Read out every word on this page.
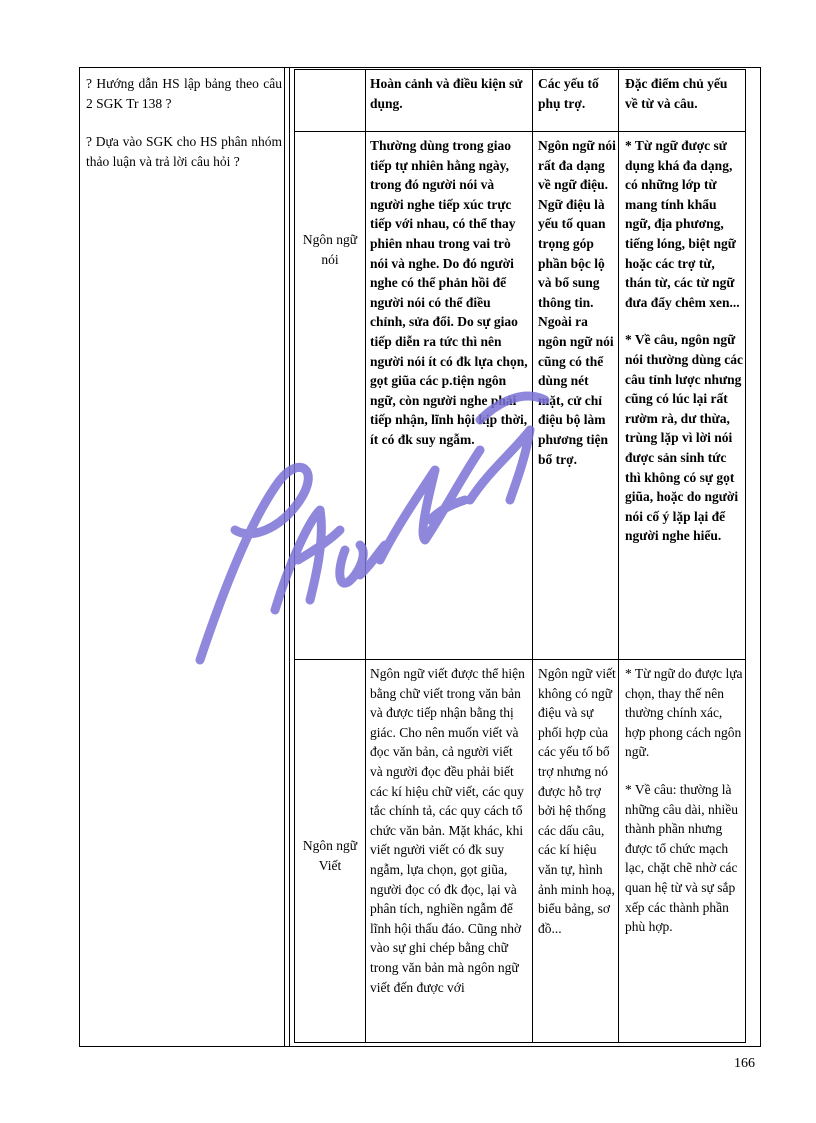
? Hướng dẫn HS lập bảng theo câu 2 SGK Tr 138 ?

? Dựa vào SGK cho HS phân nhóm thảo luận và trả lời câu hỏi ?

Hoàn cảnh và điều kiện sử dụng.
Các yếu tố phụ trợ.
Đặc điểm chủ yếu về từ và câu.
Ngôn ngữ nói
Thường dùng trong giao tiếp tự nhiên hằng ngày, trong đó người nói và người nghe tiếp xúc trực tiếp với nhau, có thể thay phiên nhau trong vai trò nói và nghe. Do đó người nghe có thể phản hồi để người nói có thể điều chỉnh, sửa đổi. Do sự giao tiếp diễn ra tức thì nên người nói ít có đk lựa chọn, gọt giũa các p.tiện ngôn ngữ, còn người nghe phải tiếp nhận, lĩnh hội kịp thời, ít có đk suy ngẫm.
Ngôn ngữ nói rất đa dạng về ngữ điệu. Ngữ điệu là yếu tố quan trọng góp phần bộc lộ và bổ sung thông tin. Ngoài ra ngôn ngữ nói cũng có thể dùng nét mặt, cử chỉ điệu bộ làm phương tiện bổ trợ.
* Từ ngữ được sử dụng khá đa dạng, có những lớp từ mang tính khẩu ngữ, địa phương, tiếng lóng, biệt ngữ hoặc các trợ từ, thán từ, các từ ngữ đưa đẩy chêm xen...
* Về câu, ngôn ngữ nói thường dùng các câu tỉnh lược nhưng cũng có lúc lại rất rườm rà, dư thừa, trùng lặp vì lời nói được sản sinh tức thì không có sự gọt giũa, hoặc do người nói cố ý lặp lại để người nghe hiểu.
Ngôn ngữ Viết
Ngôn ngữ viết được thể hiện bằng chữ viết trong văn bản và được tiếp nhận bằng thị giác. Cho nên muốn viết và đọc văn bản, cả người viết và người đọc đều phải biết các kí hiệu chữ viết, các quy tắc chính tả, các quy cách tổ chức văn bản. Mặt khác, khi viết người viết có đk suy ngẫm, lựa chọn, gọt giũa, người đọc có đk đọc, lại và phân tích, nghiền ngẫm để lĩnh hội thấu đáo. Cũng nhờ vào sự ghi chép bằng chữ trong văn bản mà ngôn ngữ viết đến được với
Ngôn ngữ viết không có ngữ điệu và sự phối hợp của các yếu tố bổ trợ nhưng nó được hỗ trợ bởi hệ thống các dấu câu, các kí hiệu văn tự, hình ảnh minh hoạ, biểu bảng, sơ đồ...
* Từ ngữ do được lựa chọn, thay thế nên thường chính xác, hợp phong cách ngôn ngữ.
* Về câu: thường là những câu dài, nhiều thành phần nhưng được tổ chức mạch lạc, chặt chẽ nhờ các quan hệ từ và sự sắp xếp các thành phần phù hợp.
166
